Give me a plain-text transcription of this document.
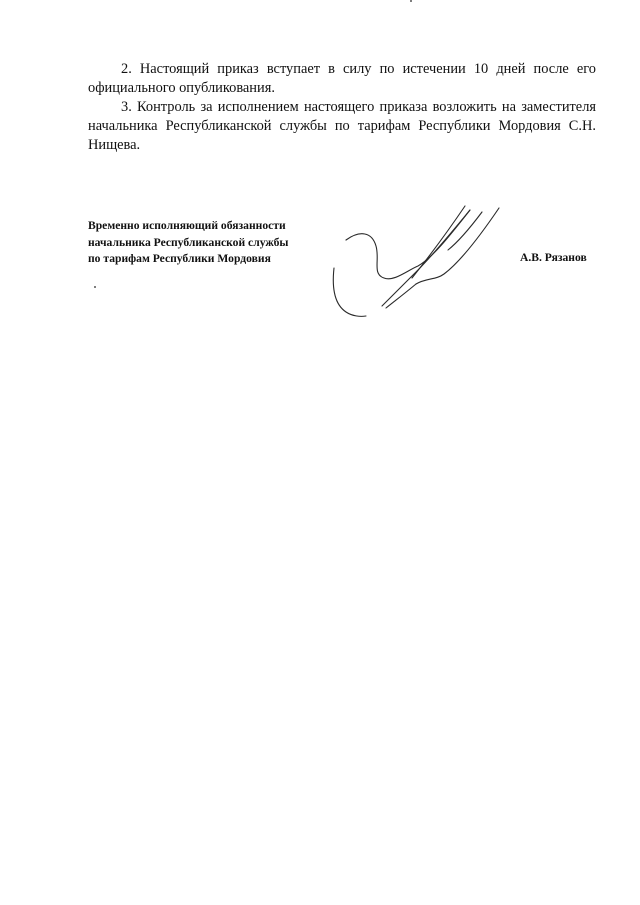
2. Настоящий приказ вступает в силу по истечении 10 дней после его официального опубликования.

3. Контроль за исполнением настоящего приказа возложить на заместителя начальника Республиканской службы по тарифам Республики Мордовия С.Н. Нищева.

Временно исполняющий обязанности
начальника Республиканской службы
по тарифам Республики Мордовия	А.В. Рязанов
